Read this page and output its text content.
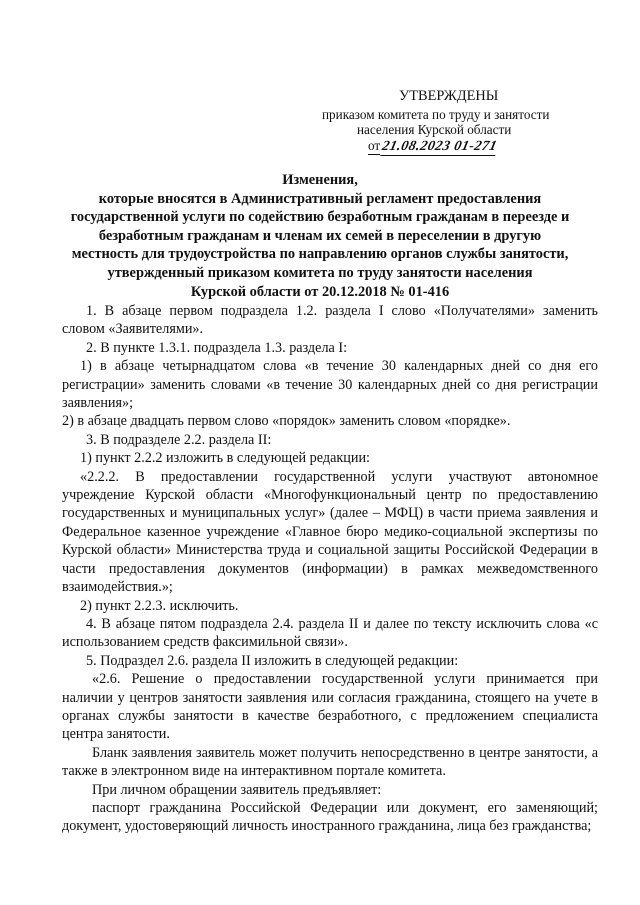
УТВЕРЖДЕНЫ
приказом комитета по труду и занятости
населения Курской области
от21.08.2023 01-271
Изменения,
которые вносятся в Административный регламент предоставления
государственной услуги по содействию безработным гражданам в переезде и
безработным гражданам и членам их семей в переселении в другую
местность для трудоустройства по направлению органов службы занятости,
утвержденный приказом комитета по труду занятости населения
Курской области от 20.12.2018 № 01-416

1. В абзаце первом подраздела 1.2. раздела I слово «Получателями» заменить словом «Заявителями».

2. В пункте 1.3.1. подраздела 1.3. раздела I:

1) в абзаце четырнадцатом слова «в течение 30 календарных дней со дня его регистрации» заменить словами «в течение 30 календарных дней со дня регистрации заявления»;

2) в абзаце двадцать первом слово «порядок» заменить словом «порядке».

3. В подразделе 2.2. раздела II:

1) пункт 2.2.2 изложить в следующей редакции:

«2.2.2. В предоставлении государственной услуги участвуют автономное учреждение Курской области «Многофункциональный центр по предоставлению государственных и муниципальных услуг» (далее – МФЦ) в части приема заявления и Федеральное казенное учреждение «Главное бюро медико-социальной экспертизы по Курской области» Министерства труда и социальной защиты Российской Федерации в части предоставления документов (информации) в рамках межведомственного взаимодействия.»;

2) пункт 2.2.3. исключить.

4. В абзаце пятом подраздела 2.4. раздела II и далее по тексту исключить слова «с использованием средств факсимильной связи».

5. Подраздел 2.6. раздела II изложить в следующей редакции:

«2.6. Решение о предоставлении государственной услуги принимается при наличии у центров занятости заявления или согласия гражданина, стоящего на учете в органах службы занятости в качестве безработного, с предложением специалиста центра занятости.

Бланк заявления заявитель может получить непосредственно в центре занятости, а также в электронном виде на интерактивном портале комитета.

При личном обращении заявитель предъявляет:

паспорт гражданина Российской Федерации или документ, его заменяющий; документ, удостоверяющий личность иностранного гражданина, лица без гражданства;
